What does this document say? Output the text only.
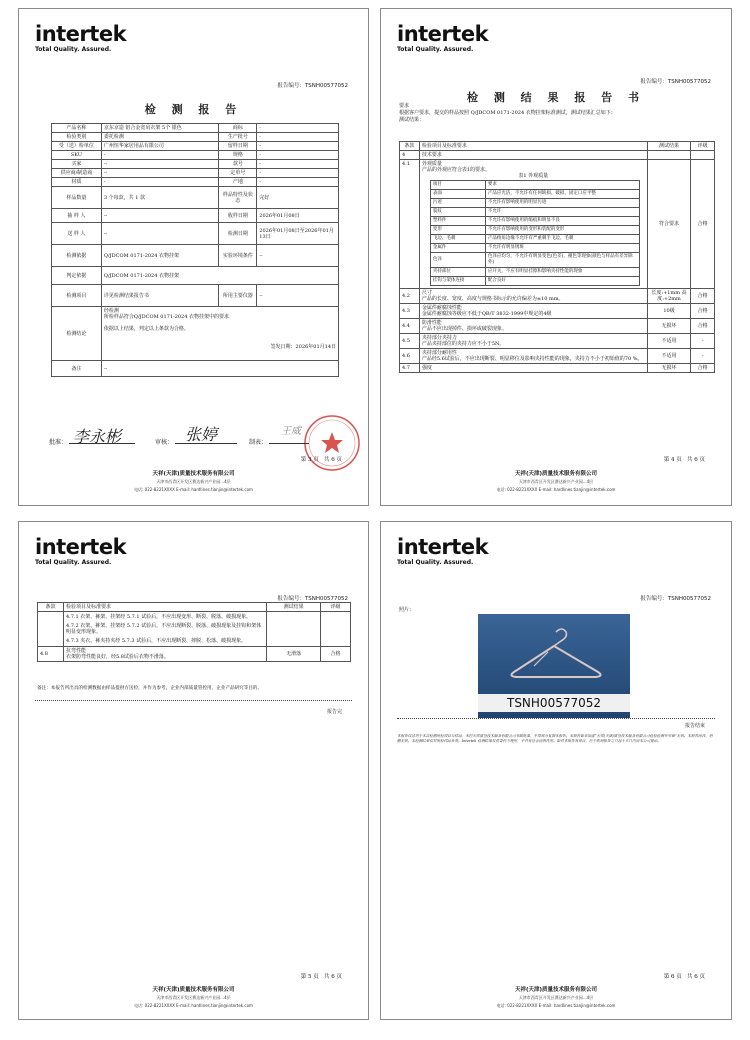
intertek
Total Quality. Assured.
报告编号：TSNH00577052
检 测 报 告
产品名称	京东京造 铝合金宽肩衣架 5个 银色	商标	-
检验类别	委托检测	生产批号	-
受（送）检单位	广州恒华家居用品有限公司	留样日期	-
SKU	-	规格	-
买家	--	款号	-
供应商/制造商	--	定单号	-
材质	-	产地	-
样品数量	3 个每款，共 1 款	样品特性及状态	完好
抽 样 人	--	收样日期	2026年01月08日
送 样 人	--	检测日期	2026年01月08日至2026年01月13日
检测依据	Q/JDCOM 0171-2024 衣物挂架	实验环境条件	--
判定依据	Q/JDCOM 0171-2024 衣物挂架		
检测项目	详见检测结果报告书	所用主要仪器	--
检测结论	经检测
所检样品符合Q/JDCOM 0171-2024 衣物挂架中的要求
依据以上结果，判定以上条款为合格。
签发日期：2026年01月14日		

备注	--		
李永彬	张婷	王威
批准：	审核：	制表：
第 3 页 共 6 页
天祥(天津)质量技术服务有限公司
天津市西青区开发区赛达新兴产业园...4层
电话: 022-8221XXXX E-mail: hardlines.tianjin@intertek.com
intertek
Total Quality. Assured.
报告编号：TSNH00577052
检 测 结 果 报 告 书
要求
根据客户要求，提交的样品按照 Q/JDCOM 0171-2024 衣物挂架标准测试，测试结果汇总如下：
测试结果：
条款	检验项目及标准要求	测试结果	评级
4	技术要求		
4.1	外观质量
产品的外观应符合表1的要求。
表1 外观质量
项目	要求
表面	产品应光洁，不允许有任何缺损、破损、固定口应平整
污迹	不允许有影响使用的明显污迹
裂纹	不允许
塑料件	不允许有影响使用的缩痕和明显不良
变形	不允许有影响使用的变形和装配的变形
飞边、毛刺	产品棱角边缘不允许有严重刺手飞边、毛刺
金属件	不允许有明显锈斑
色泽	色泽应均匀，不允许有明显变色(色差)，褪色等现象(颜色与样品有差异除外)
夹持部位	应开关，不应有明显挂擦和影响夹持性能的现象
挂钩与架体连接	配合良好
	符合要求	合格
4.2	尺寸
产品的长度、宽度、高度与规格书标示的允许偏差为±10 mm。
	长度:+1mm 高度:+2mm	合格
4.3	金属件耐腐蚀性能
金属件耐腐蚀等级应不低于QB/T 3832-1999中规定的4级	10级	合格
4.4	防滑性能
产品不应出现掉件、损坏或破裂现象。	无损坏	合格
4.5	夹持部分夹持力
产品夹持部位的夹持力应不小于5N。	不适用	-
4.6	夹持部分耐用性
产品经5.6试验后，不应出现断裂、明显移位及影响夹持性能的现象，夹持力不小于初始值的70 %。	不适用	-
4.7	强度	无损坏	合格
第 4 页 共 6 页
天祥(天津)质量技术服务有限公司
天津市西青区开发区赛达新兴产业园...4层
电话: 022-8221XXXX E-mail: hardlines.tianjin@intertek.com
intertek
Total Quality. Assured.
报告编号：TSNH00577052
条款	检验项目及标准要求	测试结果	评级

	4.7.1 衣架、裤架、挂架经 5.7.1 试验后，不应出现变形、断裂、脱落、破损现象。
4.7.2 衣架、裤架、挂架经 5.7.2 试验后，不应出现断裂、脱落、破损现象及挂钩和架体明显变形现象。
4.7.3 夹衣、裤夹持夹经 5.7.3 试验后，不应出现断裂、摔脱、松落、破损现象。		

4.8	抗弯性能
衣架防弯性能良好，经5.8试验后衣物不滑落。	无滑落	合格
备注：本报告所出具的检测数据由样品提供方送检，并作为参考，企业内部质量管控用，企业产品研究等目的。
报告完
第 5 页 共 6 页
天祥(天津)质量技术服务有限公司
天津市西青区开发区赛达新兴产业园...4层
电话: 022-8221XXXX E-mail: hardlines.tianjin@intertek.com
intertek
Total Quality. Assured.
报告编号：TSNH00577052
照片：
TSNH00577052
报告结束
本报告仅适用于本次检测所检项目与样品，未经天祥质量技术服务有限公司书面批准，不得部分复制本报告。本报告如未加盖“天祥(天津)质量技术服务有限公司检验检测专用章”无效。本报告涂改、增删无效。本检测结果仅对所检样品负责。Intertek 检测结果仅供委托方使用，不具有社会证明作用。如对本报告有异议，应于收到报告之日起十五日内向本公司提出。
第 6 页 共 6 页
天祥(天津)质量技术服务有限公司
天津市西青区开发区赛达新兴产业园...4层
电话: 022-8221XXXX E-mail: hardlines.tianjin@intertek.com
